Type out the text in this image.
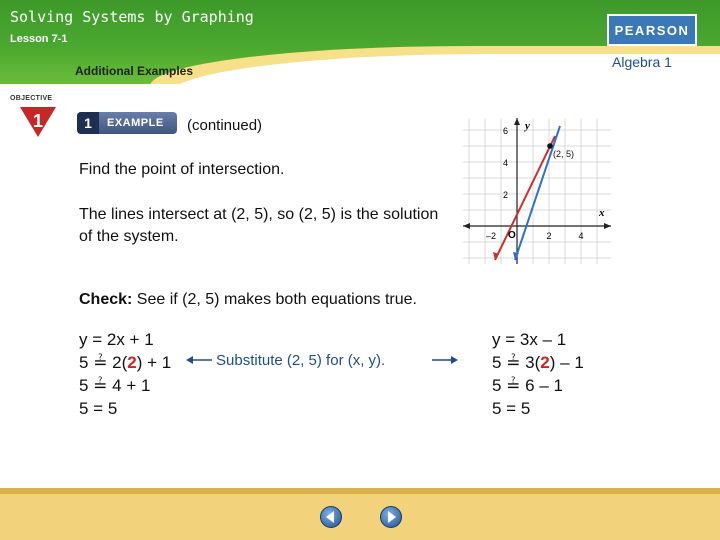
Solving Systems by Graphing
Lesson 7-1
Additional Examples
PEARSON
Algebra 1
OBJECTIVE
1	1	EXAMPLE (continued)
Find the point of intersection.
The lines intersect at (2, 5), so (2, 5) is the solution of the system.
Check: See if (2, 5) makes both equations true.
y = 2x + 1
5 ≟ 2(2) + 1
5 ≟ 4 + 1
5 = 5
Substitute (2, 5) for (x, y).
y = 3x – 1
5 ≟ 3(2) – 1
5 ≟ 6 – 1
5 = 5
(2, 5)
y
x
O
6
4
2
–2	2	4
